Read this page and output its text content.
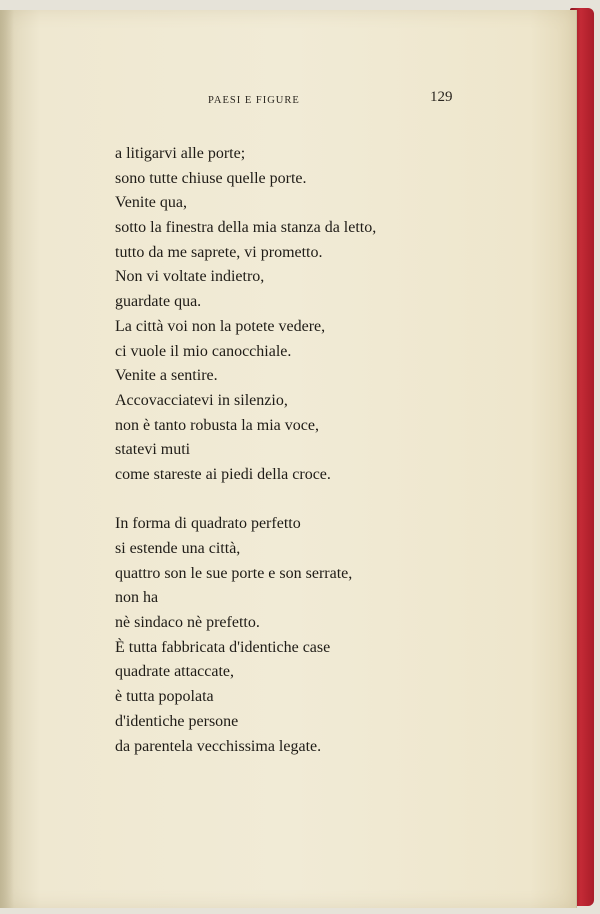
PAESI E FIGURE	129
a litigarvi alle porte;
sono tutte chiuse quelle porte.
Venite qua,
sotto la finestra della mia stanza da letto,
tutto da me saprete, vi prometto.
Non vi voltate indietro,
guardate qua.
La città voi non la potete vedere,
ci vuole il mio canocchiale.
Venite a sentire.
Accovacciatevi in silenzio,
non è tanto robusta la mia voce,
statevi muti
come stareste ai piedi della croce.
In forma di quadrato perfetto
si estende una città,
quattro son le sue porte e son serrate,
non ha
nè sindaco nè prefetto.
È tutta fabbricata d'identiche case
quadrate attaccate,
è tutta popolata
d'identiche persone
da parentela vecchissima legate.
